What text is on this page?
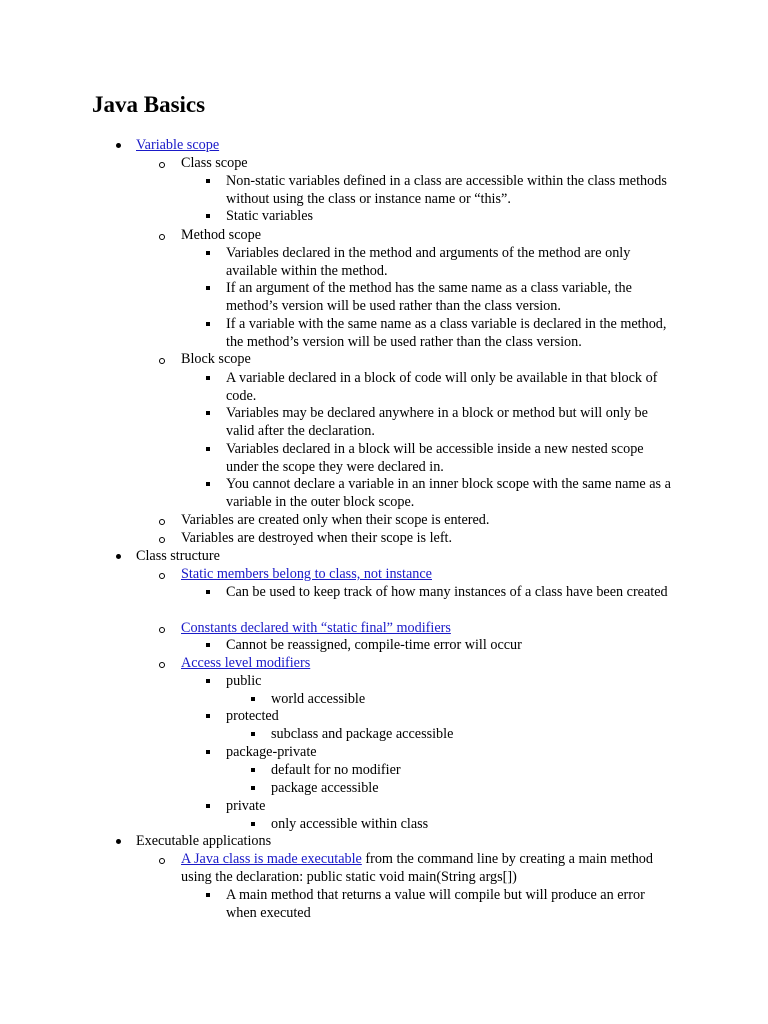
Java Basics
Variable scope
Class scope
Non-static variables defined in a class are accessible within the class methods without using the class or instance name or “this”.
Static variables
Method scope
Variables declared in the method and arguments of the method are only available within the method.
If an argument of the method has the same name as a class variable, the method’s version will be used rather than the class version.
If a variable with the same name as a class variable is declared in the method, the method’s version will be used rather than the class version.
Block scope
A variable declared in a block of code will only be available in that block of code.
Variables may be declared anywhere in a block or method but will only be valid after the declaration.
Variables declared in a block will be accessible inside a new nested scope under the scope they were declared in.
You cannot declare a variable in an inner block scope with the same name as a variable in the outer block scope.
Variables are created only when their scope is entered.
Variables are destroyed when their scope is left.
Class structure
Static members belong to class, not instance
Can be used to keep track of how many instances of a class have been created
Constants declared with “static final” modifiers
Cannot be reassigned, compile-time error will occur
Access level modifiers
public
world accessible
protected
subclass and package accessible
package-private
default for no modifier
package accessible
private
only accessible within class
Executable applications
A Java class is made executable from the command line by creating a main method using the declaration: public static void main(String args[])
A main method that returns a value will compile but will produce an error when executed
